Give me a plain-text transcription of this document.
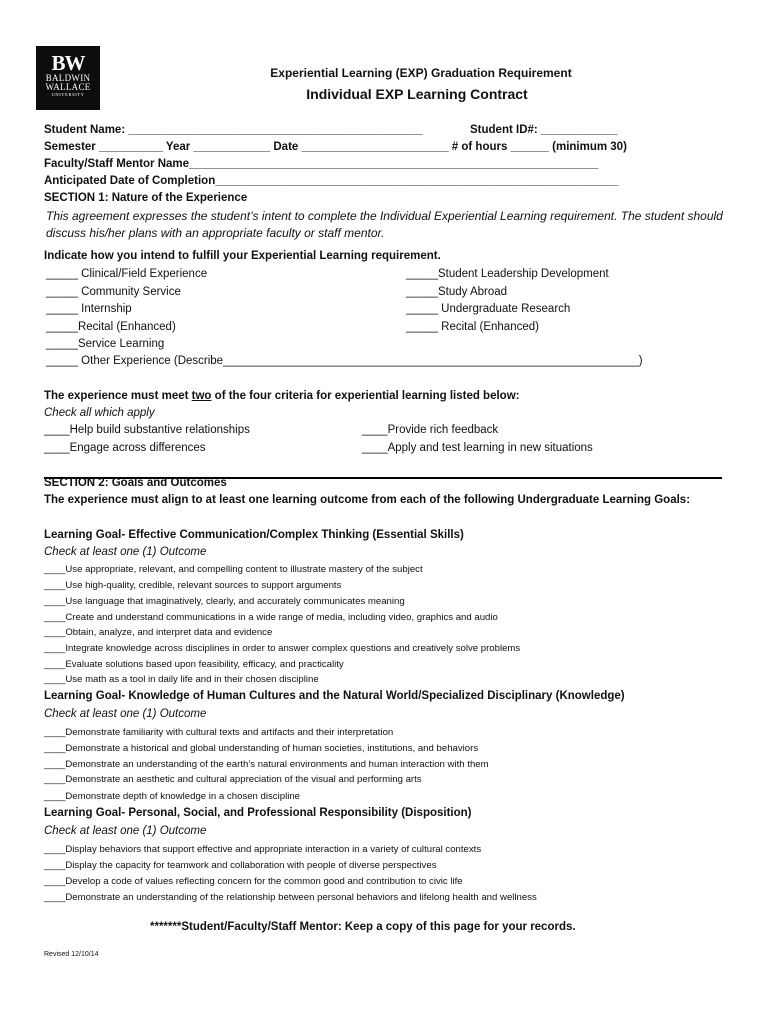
BW
BALDWIN
WALLACE
UNIVERSITY
Experiential Learning (EXP) Graduation Requirement
Individual EXP Learning Contract
Student Name: ______________________________________________	Student ID#: ____________
Semester __________ Year ____________ Date _______________________ # of hours ______ (minimum 30)
Faculty/Staff Mentor Name________________________________________________________________
Anticipated Date of Completion_______________________________________________________________
SECTION 1: Nature of the Experience
This agreement expresses the student’s intent to complete the Individual Experiential Learning requirement. The student should discuss his/her plans with an appropriate faculty or staff mentor.
Indicate how you intend to fulfill your Experiential Learning requirement.
_____ Clinical/Field Experience
_____ Community Service
_____ Internship
_____Recital (Enhanced)
_____Service Learning
_____ Other Experience (Describe_________________________________________________________________)
_____Student Leadership Development
_____Study Abroad
_____ Undergraduate Research
_____ Recital (Enhanced)
The experience must meet two of the four criteria for experiential learning listed below:
Check all which apply
____Help build substantive relationships
____Engage across differences
____Provide rich feedback
____Apply and test learning in new situations
SECTION 2: Goals and Outcomes
The experience must align to at least one learning outcome from each of the following Undergraduate Learning Goals:
Learning Goal- Effective Communication/Complex Thinking (Essential Skills)
Check at least one (1) Outcome
____Use appropriate, relevant, and compelling content to illustrate mastery of the subject
____Use high-quality, credible, relevant sources to support arguments
____Use language that imaginatively, clearly, and accurately communicates meaning
____Create and understand communications in a wide range of media, including video, graphics and audio
____Obtain, analyze, and interpret data and evidence
____Integrate knowledge across disciplines in order to answer complex questions and creatively solve problems
____Evaluate solutions based upon feasibility, efficacy, and practicality
____Use math as a tool in daily life and in their chosen discipline
Learning Goal- Knowledge of Human Cultures and the Natural World/Specialized Disciplinary (Knowledge)
Check at least one (1) Outcome
____Demonstrate familiarity with cultural texts and artifacts and their interpretation
____Demonstrate a historical and global understanding of human societies, institutions, and behaviors
____Demonstrate an understanding of the earth’s natural environments and human interaction with them
____Demonstrate an aesthetic and cultural appreciation of the visual and performing arts
____Demonstrate depth of knowledge in a chosen discipline
Learning Goal- Personal, Social, and Professional Responsibility (Disposition)
Check at least one (1) Outcome
____Display behaviors that support effective and appropriate interaction in a variety of cultural contexts
____Display the capacity for teamwork and collaboration with people of diverse perspectives
____Develop a code of values reflecting concern for the common good and contribution to civic life
____Demonstrate an understanding of the relationship between personal behaviors and lifelong health and wellness
*******Student/Faculty/Staff Mentor: Keep a copy of this page for your records.
Revised 12/10/14
